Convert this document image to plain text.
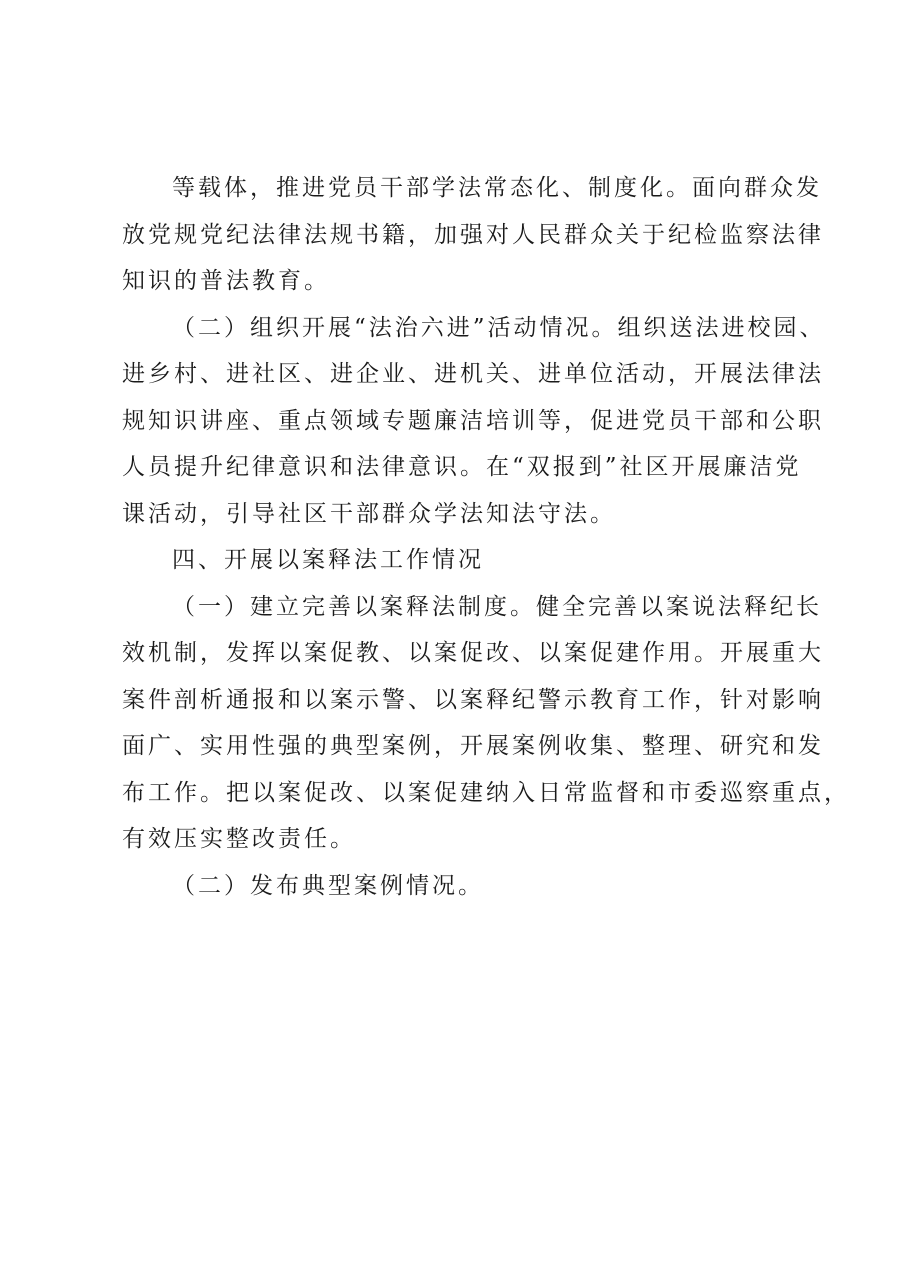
等载体，推进党员干部学法常态化、制度化。面向群众发

放党规党纪法律法规书籍，加强对人民群众关于纪检监察法律

知识的普法教育。

（二）组织开展“法治六进”活动情况。组织送法进校园、

进乡村、进社区、进企业、进机关、进单位活动，开展法律法

规知识讲座、重点领域专题廉洁培训等，促进党员干部和公职

人员提升纪律意识和法律意识。在“双报到”社区开展廉洁党

课活动，引导社区干部群众学法知法守法。

四、开展以案释法工作情况

（一）建立完善以案释法制度。健全完善以案说法释纪长

效机制，发挥以案促教、以案促改、以案促建作用。开展重大

案件剖析通报和以案示警、以案释纪警示教育工作，针对影响

面广、实用性强的典型案例，开展案例收集、整理、研究和发

布工作。把以案促改、以案促建纳入日常监督和市委巡察重点，

有效压实整改责任。

（二）发布典型案例情况。
